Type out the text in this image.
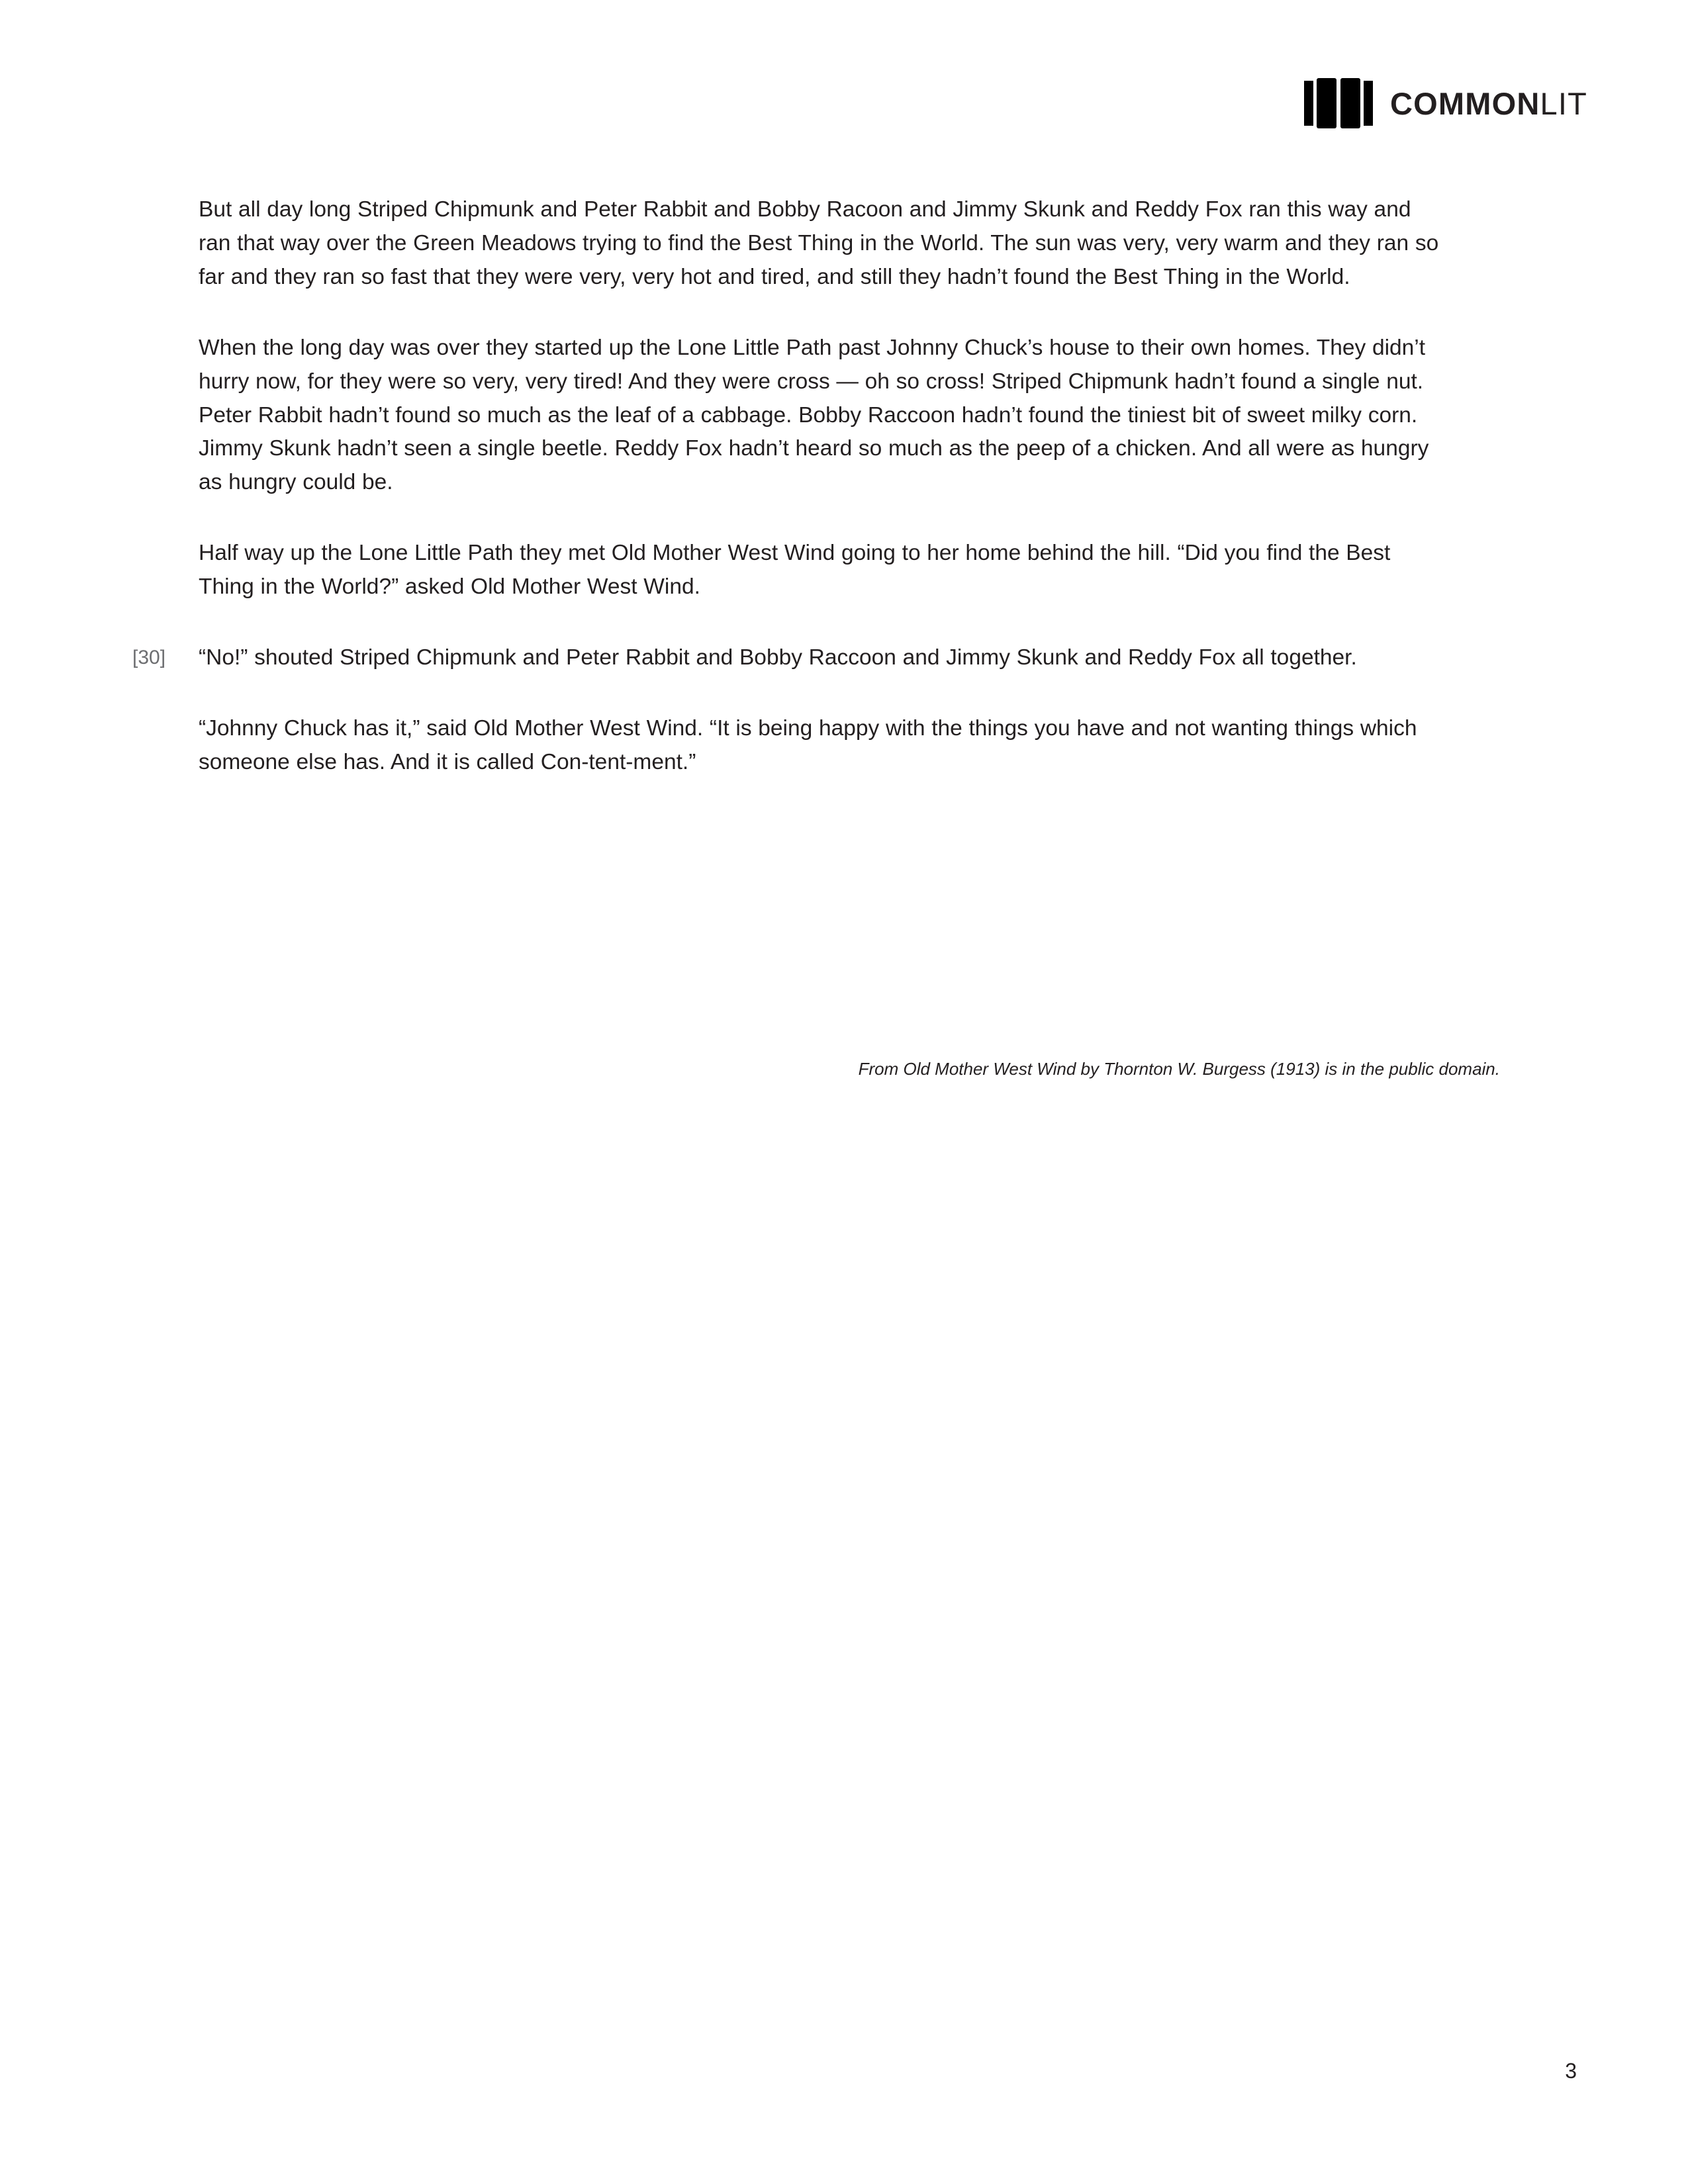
COMMONLIT
But all day long Striped Chipmunk and Peter Rabbit and Bobby Racoon and Jimmy Skunk and Reddy Fox ran this way and ran that way over the Green Meadows trying to find the Best Thing in the World. The sun was very, very warm and they ran so far and they ran so fast that they were very, very hot and tired, and still they hadn’t found the Best Thing in the World.
When the long day was over they started up the Lone Little Path past Johnny Chuck’s house to their own homes. They didn’t hurry now, for they were so very, very tired! And they were cross — oh so cross! Striped Chipmunk hadn’t found a single nut. Peter Rabbit hadn’t found so much as the leaf of a cabbage. Bobby Raccoon hadn’t found the tiniest bit of sweet milky corn. Jimmy Skunk hadn’t seen a single beetle. Reddy Fox hadn’t heard so much as the peep of a chicken. And all were as hungry as hungry could be.
Half way up the Lone Little Path they met Old Mother West Wind going to her home behind the hill. “Did you find the Best Thing in the World?” asked Old Mother West Wind.
[30]	“No!” shouted Striped Chipmunk and Peter Rabbit and Bobby Raccoon and Jimmy Skunk and Reddy Fox all together.
“Johnny Chuck has it,” said Old Mother West Wind. “It is being happy with the things you have and not wanting things which someone else has. And it is called Con-tent-ment.”
From Old Mother West Wind by Thornton W. Burgess (1913) is in the public domain.
3
